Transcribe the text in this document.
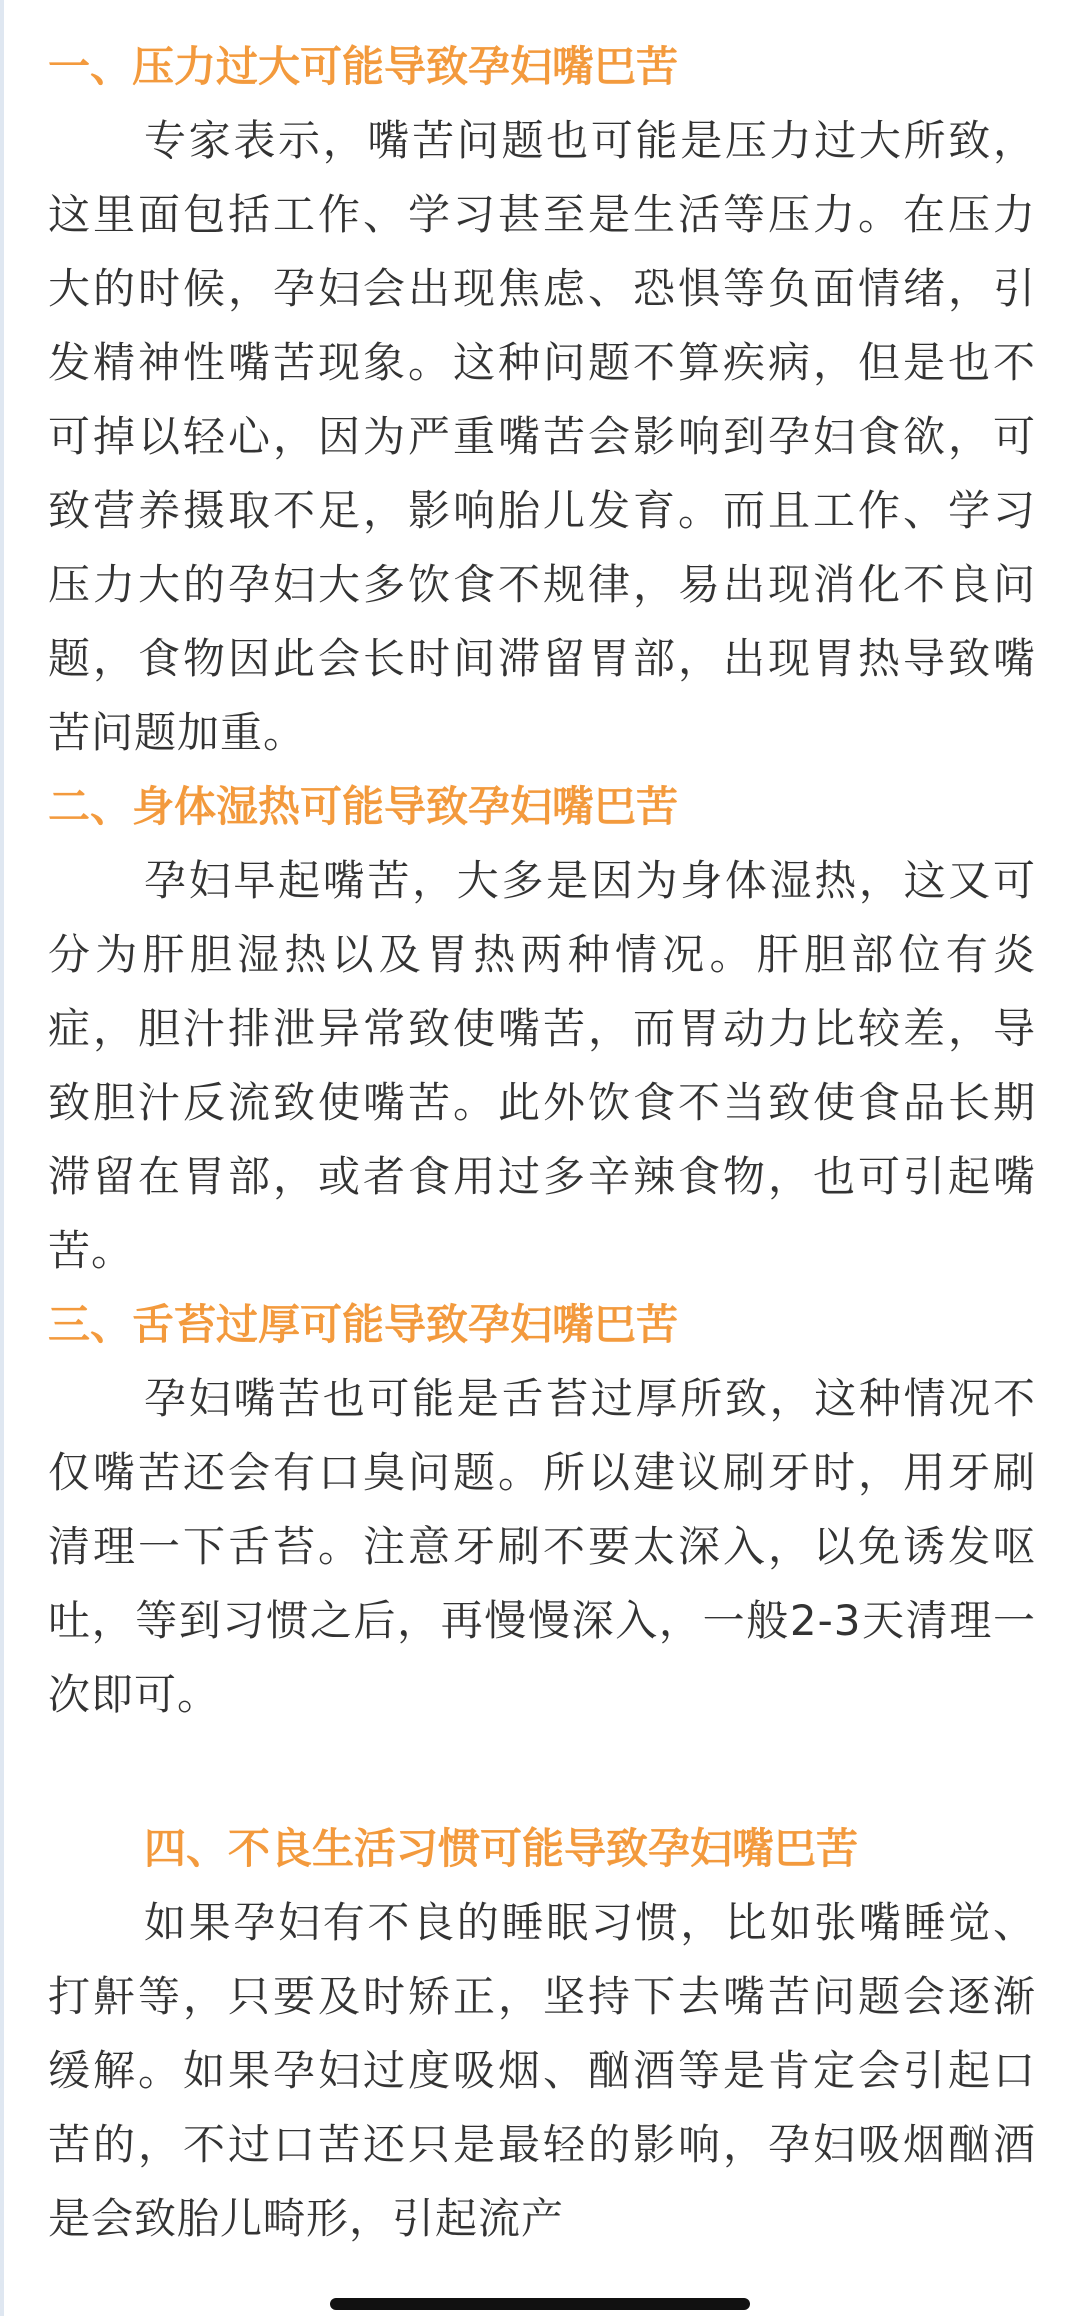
一、压力过大可能导致孕妇嘴巴苦

专家表示，嘴苦问题也可能是压力过大所致，这里面包括工作、学习甚至是生活等压力。在压力大的时候，孕妇会出现焦虑、恐惧等负面情绪，引发精神性嘴苦现象。这种问题不算疾病，但是也不可掉以轻心，因为严重嘴苦会影响到孕妇食欲，可致营养摄取不足，影响胎儿发育。而且工作、学习压力大的孕妇大多饮食不规律，易出现消化不良问题，食物因此会长时间滞留胃部，出现胃热导致嘴苦问题加重。

二、身体湿热可能导致孕妇嘴巴苦

孕妇早起嘴苦，大多是因为身体湿热，这又可分为肝胆湿热以及胃热两种情况。肝胆部位有炎症，胆汁排泄异常致使嘴苦，而胃动力比较差，导致胆汁反流致使嘴苦。此外饮食不当致使食品长期滞留在胃部，或者食用过多辛辣食物，也可引起嘴苦。

三、舌苔过厚可能导致孕妇嘴巴苦

孕妇嘴苦也可能是舌苔过厚所致，这种情况不仅嘴苦还会有口臭问题。所以建议刷牙时，用牙刷清理一下舌苔。注意牙刷不要太深入，以免诱发呕吐，等到习惯之后，再慢慢深入，一般2-3天清理一次即可。

四、不良生活习惯可能导致孕妇嘴巴苦

如果孕妇有不良的睡眠习惯，比如张嘴睡觉、打鼾等，只要及时矫正，坚持下去嘴苦问题会逐渐缓解。如果孕妇过度吸烟、酗酒等是肯定会引起口苦的，不过口苦还只是最轻的影响，孕妇吸烟酗酒是会致胎儿畸形，引起流产
